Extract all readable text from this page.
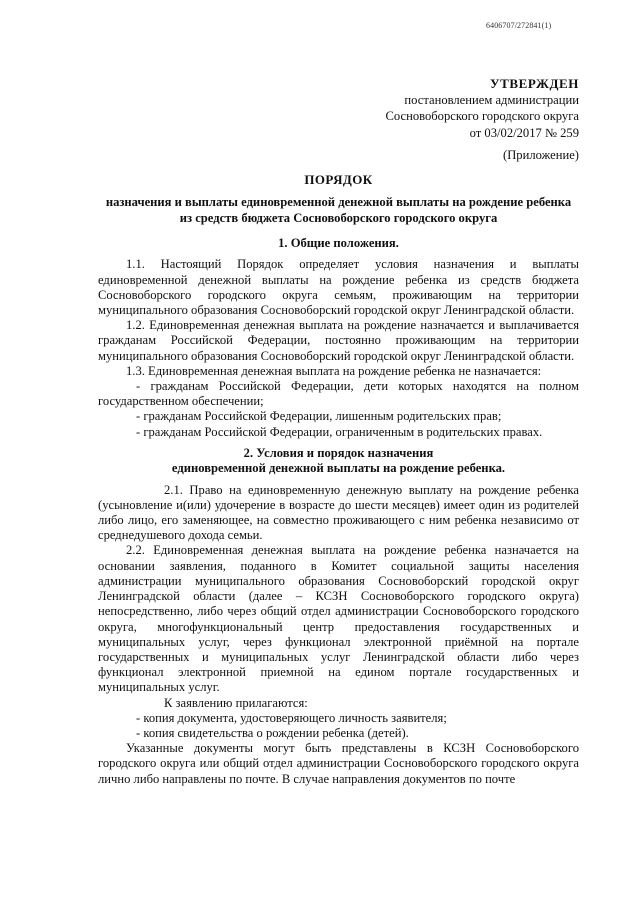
6406707/272841(1)
УТВЕРЖДЕН
постановлением администрации
Сосновоборского городского округа
от 03/02/2017 № 259
(Приложение)
ПОРЯДОК
назначения и выплаты единовременной денежной выплаты на рождение ребенка
из средств бюджета Сосновоборского городского округа
1. Общие положения.

1.1. Настоящий Порядок определяет условия назначения и выплаты единовременной денежной выплаты на рождение ребенка из средств бюджета Сосновоборского городского округа семьям, проживающим на территории муниципального образования Сосновоборский городской округ Ленинградской области.

1.2. Единовременная денежная выплата на рождение назначается и выплачивается гражданам Российской Федерации, постоянно проживающим на территории муниципального образования Сосновоборский городской округ Ленинградской области.

1.3. Единовременная денежная выплата на рождение ребенка не назначается:

- гражданам Российской Федерации, дети которых находятся на полном государственном обеспечении;

- гражданам Российской Федерации, лишенным родительских прав;

- гражданам Российской Федерации, ограниченным в родительских правах.

2. Условия и порядок назначения
единовременной денежной выплаты на рождение ребенка.

2.1. Право на единовременную денежную выплату на рождение ребенка (усыновление и(или) удочерение в возрасте до шести месяцев) имеет один из родителей либо лицо, его заменяющее, на совместно проживающего с ним ребенка независимо от среднедушевого дохода семьи.

2.2. Единовременная денежная выплата на рождение ребенка назначается на основании заявления, поданного в Комитет социальной защиты населения администрации муниципального образования Сосновоборский городской округ Ленинградской области (далее – КСЗН Сосновоборского городского округа) непосредственно, либо через общий отдел администрации Сосновоборского городского округа, многофункциональный центр предоставления государственных и муниципальных услуг, через функционал электронной приёмной на портале государственных и муниципальных услуг Ленинградской области либо через функционал электронной приемной на едином портале государственных и муниципальных услуг.

К заявлению прилагаются:

- копия документа, удостоверяющего личность заявителя;

- копия свидетельства о рождении ребенка (детей).

Указанные документы могут быть представлены в КСЗН Сосновоборского городского округа или общий отдел администрации Сосновоборского городского округа лично либо направлены по почте. В случае направления документов по почте
